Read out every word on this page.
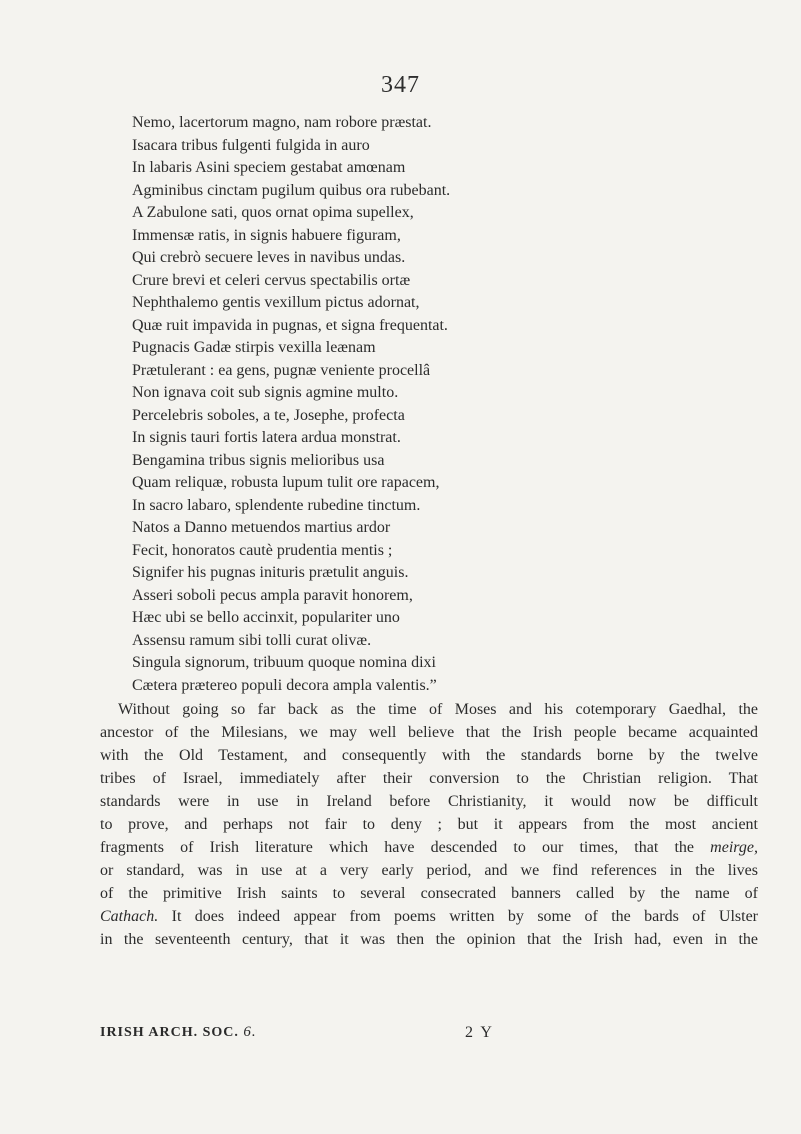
347
Nemo, lacertorum magno, nam robore præstat.
Isacara tribus fulgenti fulgida in auro
In labaris Asini speciem gestabat amœnam
Agminibus cinctam pugilum quibus ora rubebant.
A Zabulone sati, quos ornat opima supellex,
Immensæ ratis, in signis habuere figuram,
Qui crebrò secuere leves in navibus undas.
Crure brevi et celeri cervus spectabilis ortæ
Nephthalemo gentis vexillum pictus adornat,
Quæ ruit impavida in pugnas, et signa frequentat.
Pugnacis Gadæ stirpis vexilla leænam
Prætulerant : ea gens, pugnæ veniente procellâ
Non ignava coit sub signis agmine multo.
Percelebris soboles, a te, Josephe, profecta
In signis tauri fortis latera ardua monstrat.
Bengamina tribus signis melioribus usa
Quam reliquæ, robusta lupum tulit ore rapacem,
In sacro labaro, splendente rubedine tinctum.
Natos a Danno metuendos martius ardor
Fecit, honoratos cautè prudentia mentis ;
Signifer his pugnas inituris prætulit anguis.
Asseri soboli pecus ampla paravit honorem,
Hæc ubi se bello accinxit, populariter uno
Assensu ramum sibi tolli curat olivæ.
Singula signorum, tribuum quoque nomina dixi
Cætera prætereo populi decora ampla valentis.”
Without going so far back as the time of Moses and his cotemporary Gaedhal, the
ancestor of the Milesians, we may well believe that the Irish people became acquainted
with the Old Testament, and consequently with the standards borne by the twelve
tribes of Israel, immediately after their conversion to the Christian religion. That
standards were in use in Ireland before Christianity, it would now be difficult
to prove, and perhaps not fair to deny ; but it appears from the most ancient
fragments of Irish literature which have descended to our times, that the meirge,
or standard, was in use at a very early period, and we find references in the lives
of the primitive Irish saints to several consecrated banners called by the name of
Cathach. It does indeed appear from poems written by some of the bards of Ulster
in the seventeenth century, that it was then the opinion that the Irish had, even in the
IRISH ARCH. SOC. 6.	2 Y
